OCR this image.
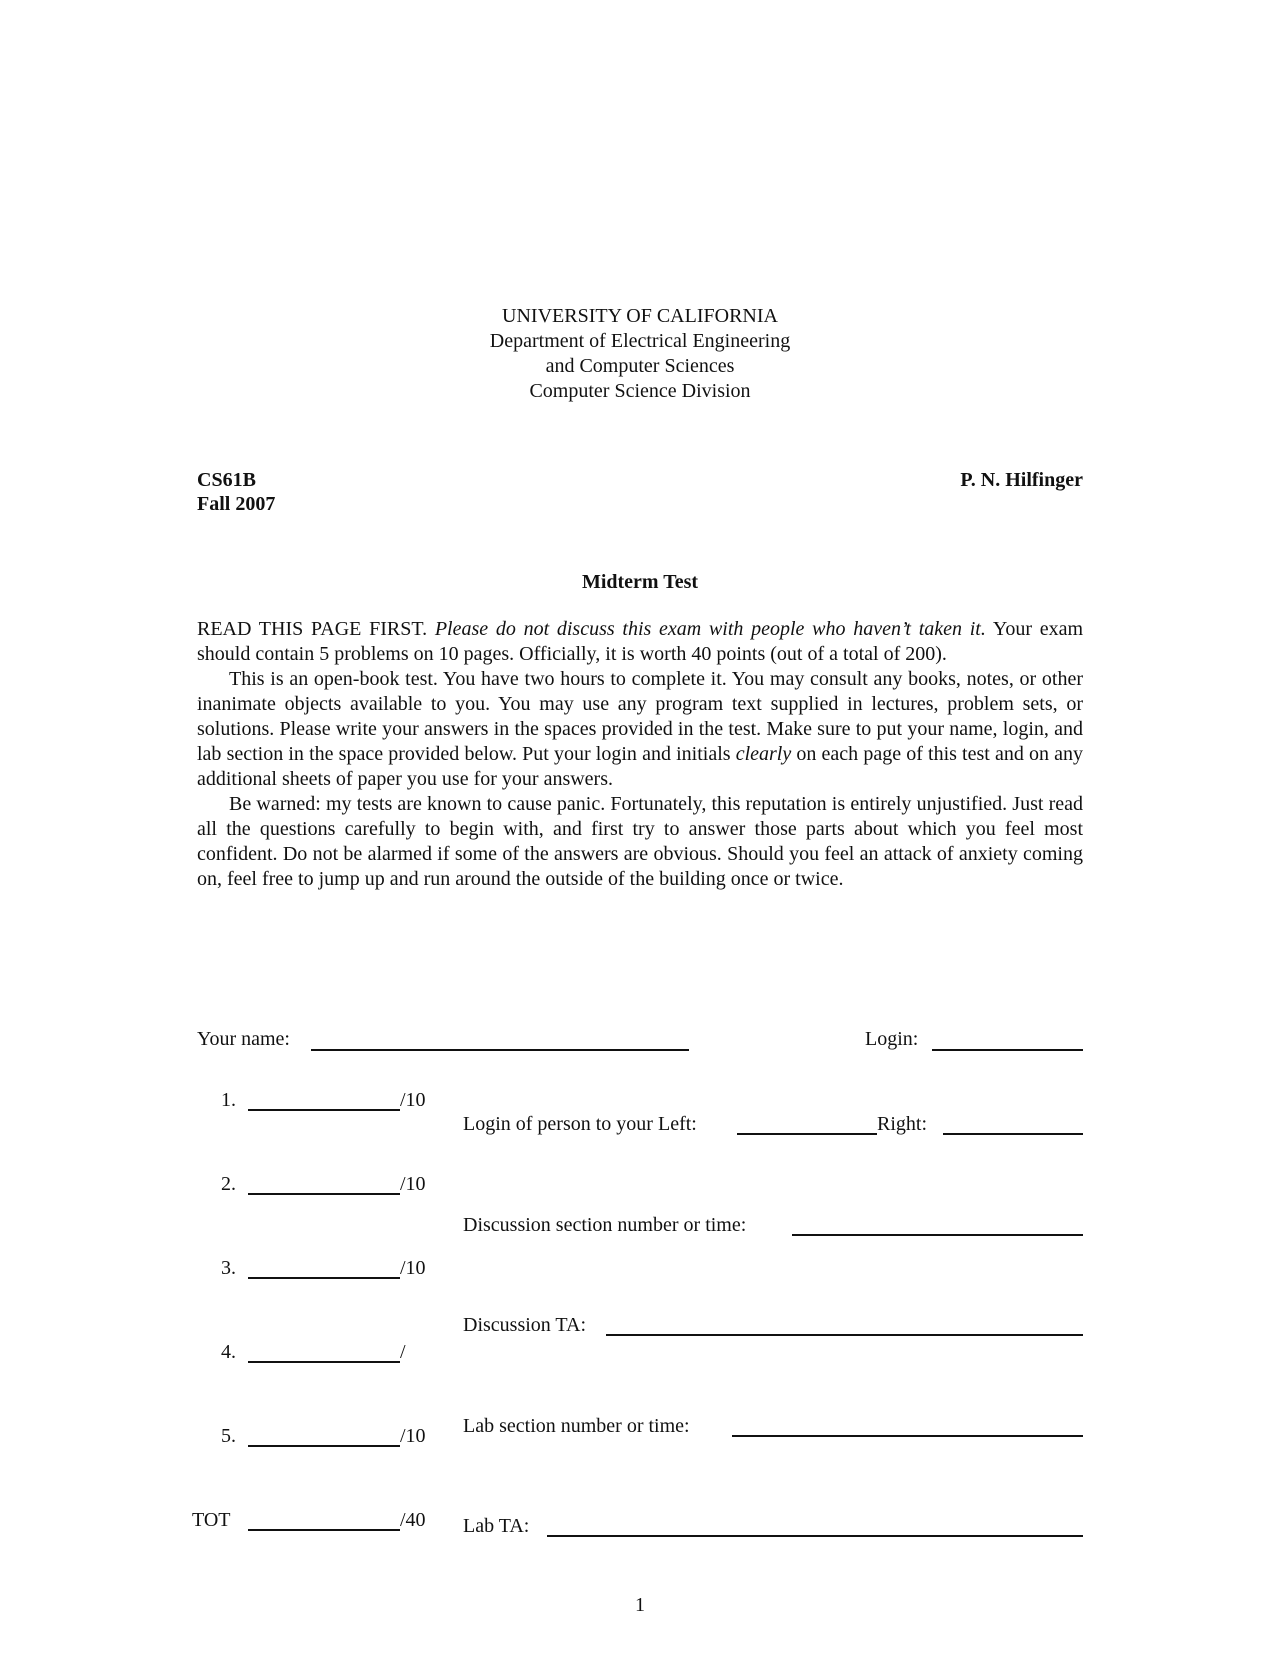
UNIVERSITY OF CALIFORNIA
Department of Electrical Engineering
and Computer Sciences
Computer Science Division
CS61B
Fall 2007
P. N. Hilfinger
Midterm Test

READ THIS PAGE FIRST. Please do not discuss this exam with people who haven’t taken it. Your exam should contain 5 problems on 10 pages. Officially, it is worth 40 points (out of a total of 200).

This is an open-book test. You have two hours to complete it. You may consult any books, notes, or other inanimate objects available to you. You may use any program text supplied in lectures, problem sets, or solutions. Please write your answers in the spaces provided in the test. Make sure to put your name, login, and lab section in the space provided below. Put your login and initials clearly on each page of this test and on any additional sheets of paper you use for your answers.

Be warned: my tests are known to cause panic. Fortunately, this reputation is entirely unjustified. Just read all the questions carefully to begin with, and first try to answer those parts about which you feel most confident. Do not be alarmed if some of the answers are obvious. Should you feel an attack of anxiety coming on, feel free to jump up and run around the outside of the building once or twice.

Your name:	Login:
1.	/10
2.	/10
3.	/10
4.	/
5.	/10
TOT	/40
Login of person to your Left:	Right:
Discussion section number or time:
Discussion TA:
Lab section number or time:
Lab TA:
1
